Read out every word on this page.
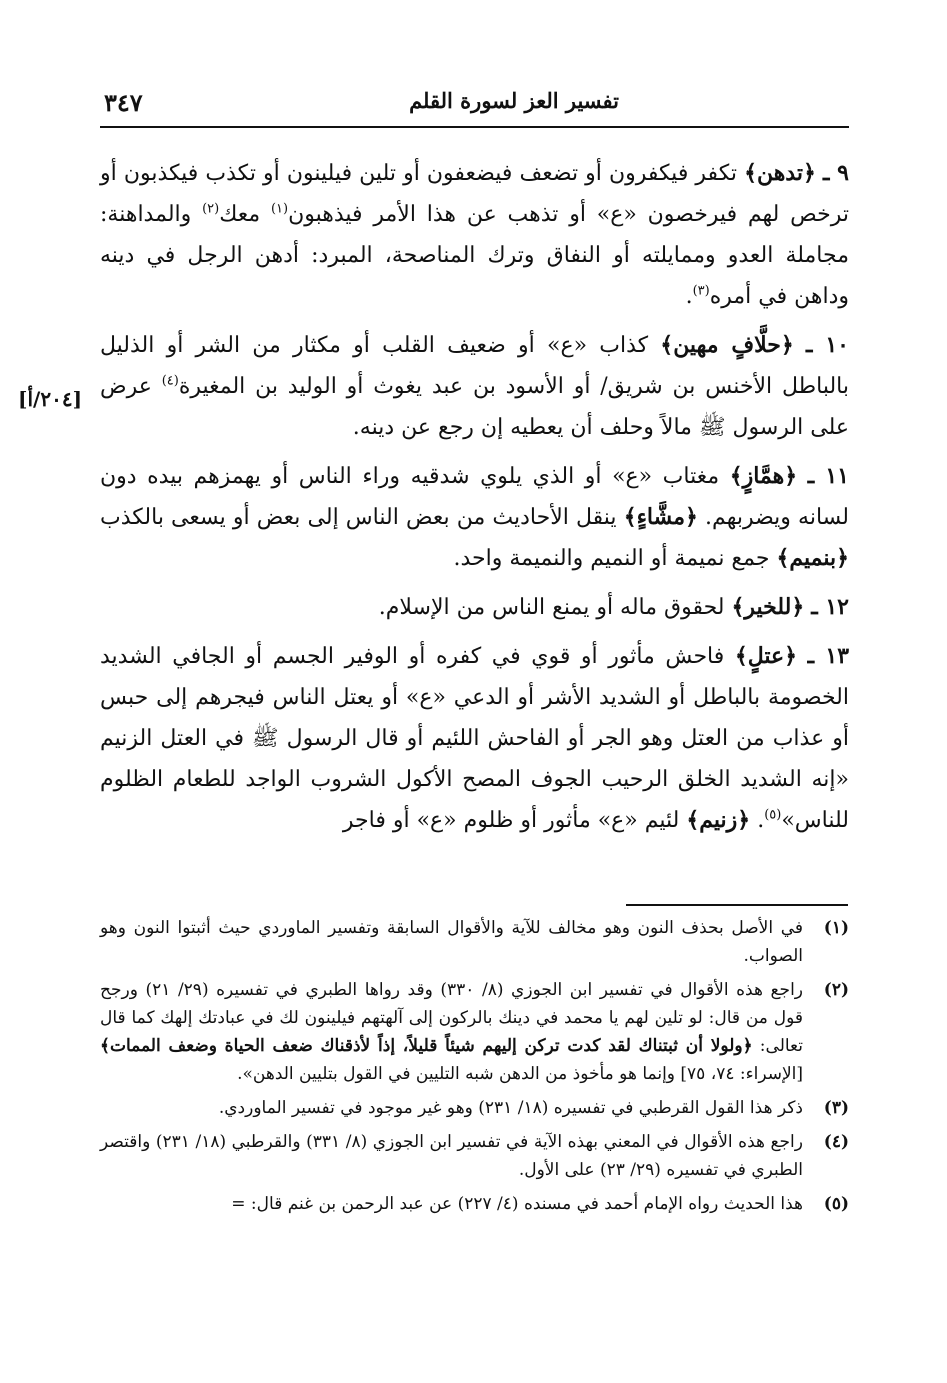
تفسير العز لسورة القلم
٣٤٧
[٢٠٤/أ]

٩ ـ ﴿تدهن﴾ تكفر فيكفرون أو تضعف فيضعفون أو تلين فيلينون أو تكذب فيكذبون أو ترخص لهم فيرخصون «ع» أو تذهب عن هذا الأمر فيذهبون$^{(١)}$ معك$^{(٢)}$ والمداهنة: مجاملة العدو وممايلته أو النفاق وترك المناصحة، المبرد: أدهن الرجل في دينه وداهن في أمره$^{(٣)}$.

١٠ ـ ﴿حلَّافٍ مهين﴾ كذاب «ع» أو ضعيف القلب أو مكثار من الشر أو الذليل بالباطل الأخنس بن شريق/ أو الأسود بن عبد يغوث أو الوليد بن المغيرة$^{(٤)}$ عرض على الرسول ﷺ مالاً وحلف أن يعطيه إن رجع عن دينه.

١١ ـ ﴿همَّازٍ﴾ مغتاب «ع» أو الذي يلوي شدقيه وراء الناس أو يهمزهم بيده دون لسانه ويضربهم. ﴿مشَّاءٍ﴾ ينقل الأحاديث من بعض الناس إلى بعض أو يسعى بالكذب ﴿بنميم﴾ جمع نميمة أو النميم والنميمة واحد.

١٢ ـ ﴿للخير﴾ لحقوق ماله أو يمنع الناس من الإسلام.

١٣ ـ ﴿عتلٍ﴾ فاحش مأثور أو قوي في كفره أو الوفير الجسم أو الجافي الشديد الخصومة بالباطل أو الشديد الأشر أو الدعي «ع» أو يعتل الناس فيجرهم إلى حبس أو عذاب من العتل وهو الجر أو الفاحش اللئيم أو قال الرسول ﷺ في العتل الزنيم «إنه الشديد الخلق الرحيب الجوف المصح الأكول الشروب الواجد للطعام الظلوم للناس»$^{(٥)}$. ﴿زنيم﴾ لئيم «ع» مأثور أو ظلوم «ع» أو فاجر

(١)
في الأصل بحذف النون وهو مخالف للآية والأقوال السابقة وتفسير الماوردي حيث أثبتوا النون وهو الصواب.
(٢)
راجع هذه الأقوال في تفسير ابن الجوزي (٨/ ٣٣٠) وقد رواها الطبري في تفسيره (٢٩/ ٢١) ورجح قول من قال: لو تلين لهم يا محمد في دينك بالركون إلى آلهتهم فيلينون لك في عبادتك إلهك كما قال تعالى: ﴿ولولا أن ثبتناك لقد كدت تركن إليهم شيئاً قليلاً، إذاً لأذقناك ضعف الحياة وضعف الممات﴾ [الإسراء: ٧٤، ٧٥] وإنما هو مأخوذ من الدهن شبه التليين في القول بتليين الدهن».
(٣)
ذكر هذا القول القرطبي في تفسيره (١٨/ ٢٣١) وهو غير موجود في تفسير الماوردي.
(٤)
راجع هذه الأقوال في المعني بهذه الآية في تفسير ابن الجوزي (٨/ ٣٣١) والقرطبي (١٨/ ٢٣١) واقتصر الطبري في تفسيره (٢٩/ ٢٣) على الأول.
(٥)
هذا الحديث رواه الإمام أحمد في مسنده (٤/ ٢٢٧) عن عبد الرحمن بن غنم قال: =
